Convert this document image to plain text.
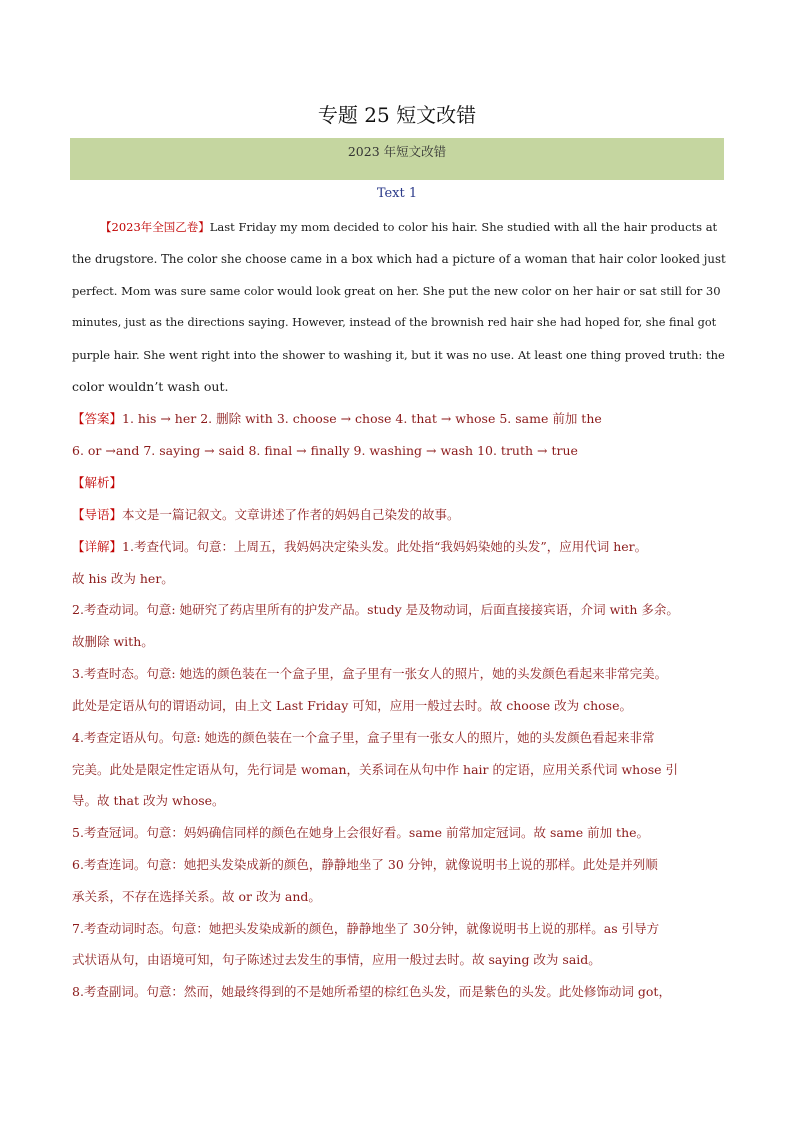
专题 25 短文改错
2023 年短文改错
Text 1
【2023年全国乙卷】Last Friday my mom decided to color his hair. She studied with all the hair products at
the drugstore. The color she choose came in a box which had a picture of a woman that hair color looked just
perfect. Mom was sure same color would look great on her. She put the new color on her hair or sat still for 30
minutes, just as the directions saying. However, instead of the brownish red hair she had hoped for, she final got
purple hair. She went right into the shower to washing it, but it was no use. At least one thing proved truth: the
color wouldn’t wash out.
【答案】1. his → her 2. 删除 with 3. choose → chose 4. that → whose 5. same 前加 the
6. or →and 7. saying → said 8. final → finally 9. washing → wash 10. truth → true
【解析】
【导语】本文是一篇记叙文。文章讲述了作者的妈妈自己染发的故事。
【详解】1.考查代词。句意：上周五，我妈妈决定染头发。此处指“我妈妈染她的头发”，应用代词 her。
故 his 改为 her。
2.考查动词。句意: 她研究了药店里所有的护发产品。study 是及物动词，后面直接接宾语，介词 with 多余。
故删除 with。
3.考查时态。句意: 她选的颜色装在一个盒子里，盒子里有一张女人的照片，她的头发颜色看起来非常完美。
此处是定语从句的谓语动词，由上文 Last Friday 可知，应用一般过去时。故 choose 改为 chose。
4.考查定语从句。句意: 她选的颜色装在一个盒子里，盒子里有一张女人的照片，她的头发颜色看起来非常
完美。此处是限定性定语从句，先行词是 woman，关系词在从句中作 hair 的定语，应用关系代词 whose 引
导。故 that 改为 whose。
5.考查冠词。句意：妈妈确信同样的颜色在她身上会很好看。same 前常加定冠词。故 same 前加 the。
6.考查连词。句意：她把头发染成新的颜色，静静地坐了 30 分钟，就像说明书上说的那样。此处是并列顺
承关系，不存在选择关系。故 or 改为 and。
7.考查动词时态。句意：她把头发染成新的颜色，静静地坐了 30分钟，就像说明书上说的那样。as 引导方
式状语从句，由语境可知，句子陈述过去发生的事情，应用一般过去时。故 saying 改为 said。
8.考查副词。句意：然而，她最终得到的不是她所希望的棕红色头发，而是紫色的头发。此处修饰动词 got，
